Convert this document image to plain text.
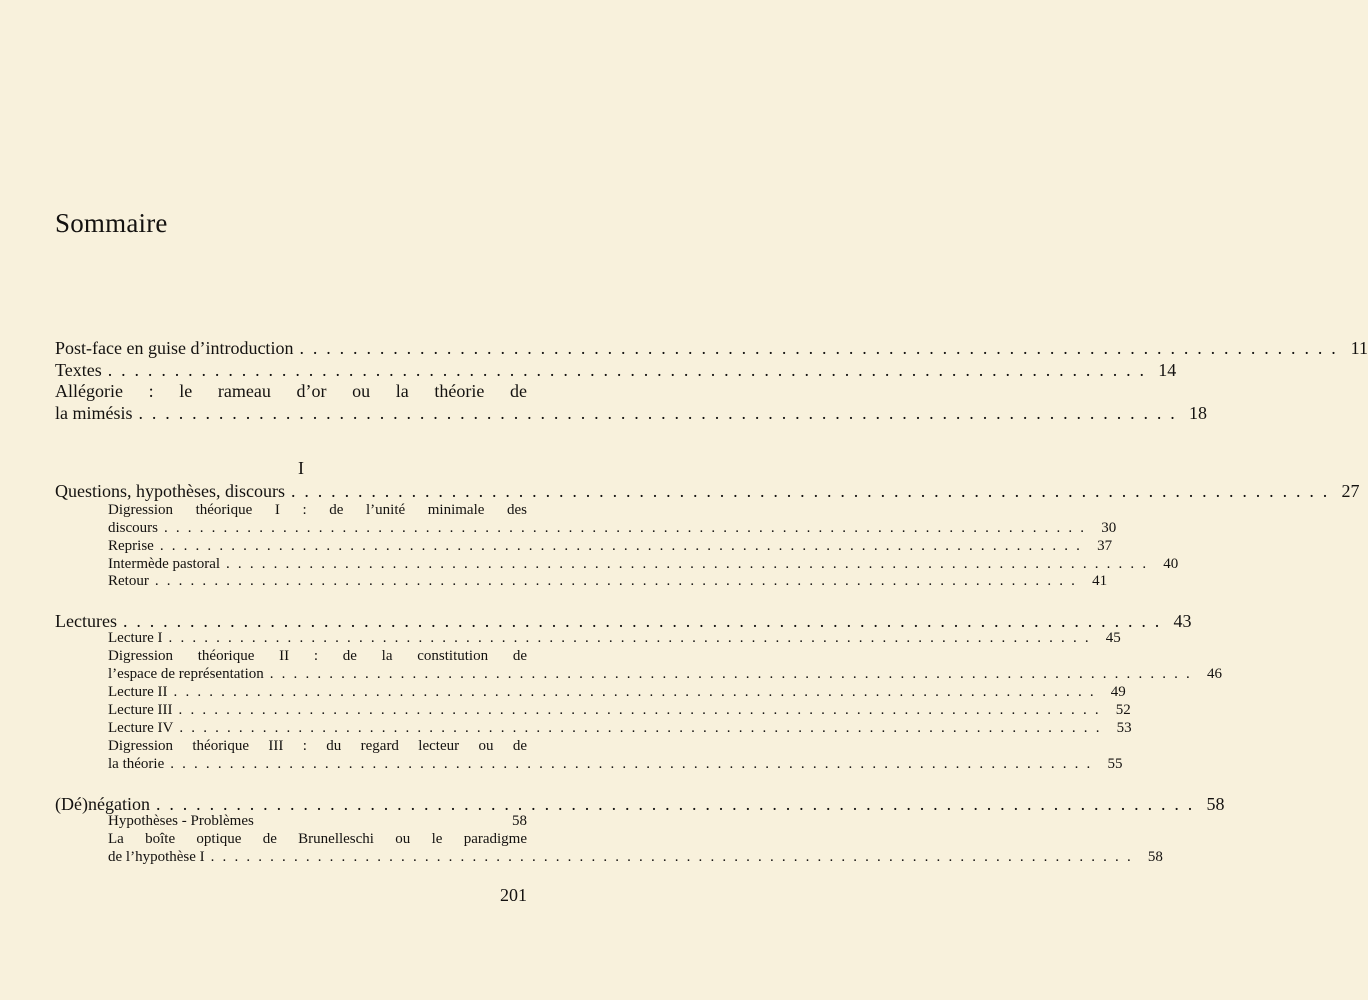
Sommaire
Post-face en guise d’introduction . . . . . . . . . . . . . . . . . . . . . . . . . . . . . . . . . . . . . . . . . . . . . . . . . . . . . . . . . . . . . . . . . . . . . . . . . . . . . . 11
Textes . . . . . . . . . . . . . . . . . . . . . . . . . . . . . . . . . . . . . . . . . . . . . . . . . . . . . . . . . . . . . . . . . . . . . . . . . . . . . . 14
Allégorie : le rameau d’or ou la théorie de
la mimésis . . . . . . . . . . . . . . . . . . . . . . . . . . . . . . . . . . . . . . . . . . . . . . . . . . . . . . . . . . . . . . . . . . . . . . . . . . . . . . 18
I
Questions, hypothèses, discours . . . . . . . . . . . . . . . . . . . . . . . . . . . . . . . . . . . . . . . . . . . . . . . . . . . . . . . . . . . . . . . . . . . . . . . . . . . . . . 27
Digression théorique I : de l’unité minimale des
discours . . . . . . . . . . . . . . . . . . . . . . . . . . . . . . . . . . . . . . . . . . . . . . . . . . . . . . . . . . . . . . . . . . . . . . . . . . . . . .	30
Reprise . . . . . . . . . . . . . . . . . . . . . . . . . . . . . . . . . . . . . . . . . . . . . . . . . . . . . . . . . . . . . . . . . . . . . . . . . . . . . .	37
Intermède pastoral . . . . . . . . . . . . . . . . . . . . . . . . . . . . . . . . . . . . . . . . . . . . . . . . . . . . . . . . . . . . . . . . . . . . . . . . . . . . . .	40
Retour . . . . . . . . . . . . . . . . . . . . . . . . . . . . . . . . . . . . . . . . . . . . . . . . . . . . . . . . . . . . . . . . . . . . . . . . . . . . . .	41
Lectures . . . . . . . . . . . . . . . . . . . . . . . . . . . . . . . . . . . . . . . . . . . . . . . . . . . . . . . . . . . . . . . . . . . . . . . . . . . . . . 43
Lecture I . . . . . . . . . . . . . . . . . . . . . . . . . . . . . . . . . . . . . . . . . . . . . . . . . . . . . . . . . . . . . . . . . . . . . . . . . . . . . .	45
Digression théorique II : de la constitution de
l’espace de représentation . . . . . . . . . . . . . . . . . . . . . . . . . . . . . . . . . . . . . . . . . . . . . . . . . . . . . . . . . . . . . . . . . . . . . . . . . . . . . .	46
Lecture II . . . . . . . . . . . . . . . . . . . . . . . . . . . . . . . . . . . . . . . . . . . . . . . . . . . . . . . . . . . . . . . . . . . . . . . . . . . . . .	49
Lecture III . . . . . . . . . . . . . . . . . . . . . . . . . . . . . . . . . . . . . . . . . . . . . . . . . . . . . . . . . . . . . . . . . . . . . . . . . . . . . .	52
Lecture IV . . . . . . . . . . . . . . . . . . . . . . . . . . . . . . . . . . . . . . . . . . . . . . . . . . . . . . . . . . . . . . . . . . . . . . . . . . . . . .	53
Digression théorique III : du regard lecteur ou de
la théorie . . . . . . . . . . . . . . . . . . . . . . . . . . . . . . . . . . . . . . . . . . . . . . . . . . . . . . . . . . . . . . . . . . . . . . . . . . . . . .	55
(Dé)négation . . . . . . . . . . . . . . . . . . . . . . . . . . . . . . . . . . . . . . . . . . . . . . . . . . . . . . . . . . . . . . . . . . . . . . . . . . . . . . 58
Hypothèses - Problèmes	58
La boîte optique de Brunelleschi ou le paradigme
de l’hypothèse I . . . . . . . . . . . . . . . . . . . . . . . . . . . . . . . . . . . . . . . . . . . . . . . . . . . . . . . . . . . . . . . . . . . . . . . . . . . . . .	58
201
